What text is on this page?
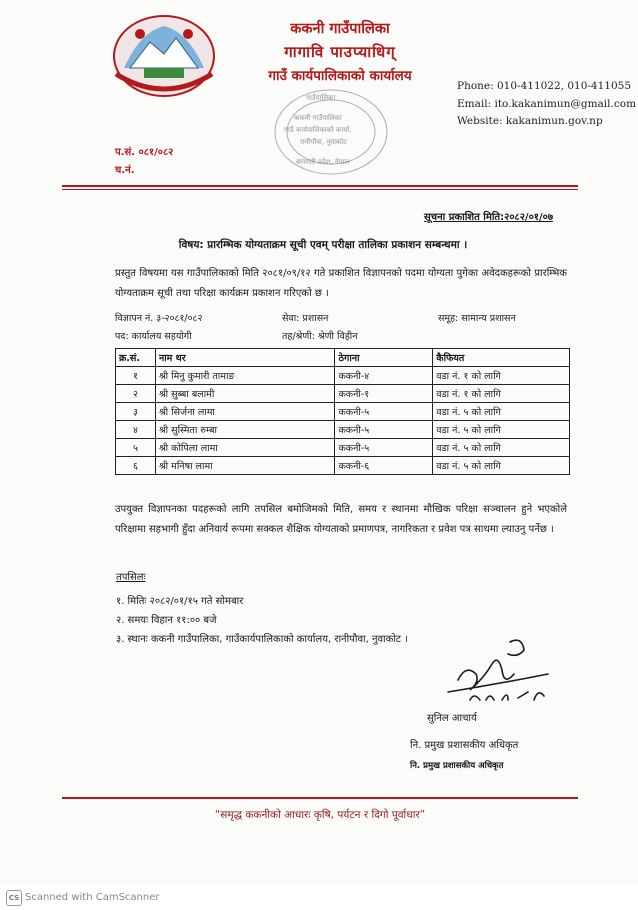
ककनी गाउँपालिका
गागावि पाउप्याधिग्
गाउँ कार्यपालिकाको कार्यालय
गाउँपालिका
ककनी गाउँपालिका
गाउँ कार्यपालिकाको कार्या.
रानीपौवा, नुवाकोट
बागमती प्रदेश, नेपाल
Phone: 010-411022, 010-411055
Email: ito.kakanimun@gmail.com
Website: kakanimun.gov.np
प.सं. ०८१/०८२
च.नं.
सूचना प्रकाशित मिति:२०८२/०१/०७
विषय: प्रारम्भिक योग्यताक्रम सूची एवम् परीक्षा तालिका प्रकाशन सम्बन्धमा ।
प्रस्तुत विषयमा यस गाउँपालिकाको मिति २०८१/०९/१२ गते प्रकाशित विज्ञापनको पदमा योग्यता पुगेका अवेदकहरूको प्रारम्भिक योग्यताक्रम सूची तथा परिक्षा कार्यक्रम प्रकाशन गरिएको छ ।
विज्ञापन नं. ३-२०८१/०८२	सेवा: प्रशासन	समूह: सामान्य प्रशासन
पद: कार्यालय सहयोगी	तह/श्रेणी: श्रेणी विहीन
क्र.सं.	नाम थर	ठेगाना	कैफियत
१	श्री मिनु कुमारी तामाङ	ककनी-४	वडा नं. १ को लागि
२	श्री सुब्बा बलामी	ककनी-१	वडा नं. १ को लागि
३	श्री सिर्जना लामा	ककनी-५	वडा नं. ५ को लागि
४	श्री सुस्मिता रुम्बा	ककनी-५	वडा नं. ५ को लागि
५	श्री कोपिला लामा	ककनी-५	वडा नं. ५ को लागि
६	श्री मनिषा लामा	ककनी-६	वडा नं. ५ को लागि
उपयुक्त विज्ञापनका पदहरूको लागि तपसिल बमोजिमको मिति, समय र स्थानमा मौखिक परिक्षा सञ्चालन हुने भएकोले परिक्षामा सहभागी हुँदा अनिवार्य रूपमा सक्कल शैक्षिक योग्यताको प्रमाणपत्र, नागरिकता र प्रवेश पत्र साथमा ल्याउनु पर्नेछ ।
तपसिलः
१. मितिः २०८२/०१/१५ गते सोमबार
२. समयः विहान ११:०० बजे
३. स्थानः ककनी गाउँपालिका, गाउँकार्यपालिकाको कार्यालय, रानीपौवा, नुवाकोट ।
सुनिल आचार्य
नि. प्रमुख प्रशासकीय अधिकृत
नि. प्रमुख प्रशासकीय अधिकृत
“समृद्ध ककनीको आधारः कृषि, पर्यटन र दिगो पूर्वाधार”
CS Scanned with CamScanner
